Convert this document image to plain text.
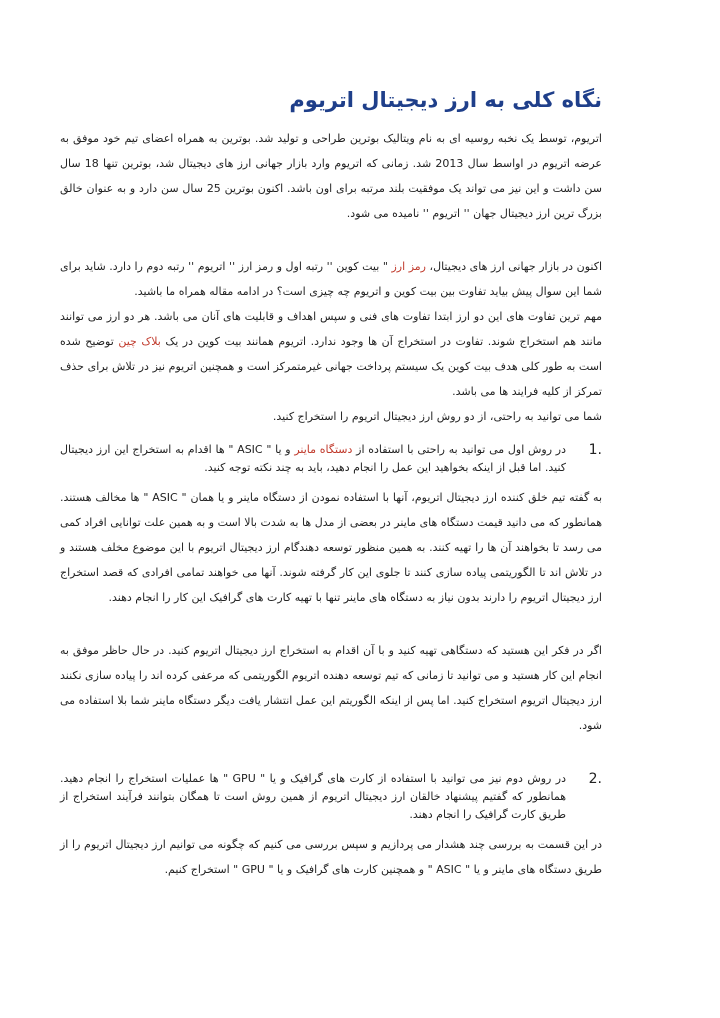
نگاه کلی به ارز دیجیتال اتریوم

اتریوم، توسط یک نخبه روسیه ای به نام ویتالیک بوترین طراحی و تولید شد. بوترین به همراه اعضای تیم خود موفق به عرضه اتریوم در اواسط سال 2013 شد. زمانی که اتریوم وارد بازار جهانی ارز های دیجیتال شد، بوترین تنها 18 سال سن داشت و این نیز می تواند یک موفقیت بلند مرتبه برای اون باشد. اکنون بوترین 25 سال سن دارد و به عنوان خالق بزرگ ترین ارز دیجیتال جهان '' اتریوم '' نامیده می شود.

اکنون در بازار جهانی ارز های دیجیتال، رمز ارز " بیت کوین '' رتبه اول و رمز ارز '' اتریوم '' رتبه دوم را دارد. شاید برای شما این سوال پیش بیاید تفاوت بین بیت کوین و اتریوم چه چیزی است؟ در ادامه مقاله همراه ما باشید.

مهم ترین تفاوت های این دو ارز ابتدا تفاوت های فنی و سپس اهداف و قابلیت های آنان می باشد. هر دو ارز می توانند مانند هم استخراج شوند. تفاوت در استخراج آن ها وجود ندارد. اتریوم همانند بیت کوین در یک بلاک چین توضیح شده است به طور کلی هدف بیت کوین یک سیستم پرداخت جهانی غیرمتمرکز است و همچنین اتریوم نیز در تلاش برای حذف تمرکز از کلیه فرایند ها می باشد.

شما می توانید به راحتی، از دو روش ارز دیجیتال اتریوم را استخراج کنید.

.1

در روش اول می توانید به راحتی با استفاده از دستگاه ماینر و یا " ASIC " ها اقدام به استخراج این ارز دیجیتال کنید. اما قبل از اینکه بخواهید این عمل را انجام دهید، باید به چند نکته توجه کنید.

به گفته تیم خلق کننده ارز دیجیتال اتریوم، آنها با استفاده نمودن از دستگاه ماینر و یا همان " ASIC " ها مخالف هستند. همانطور که می دانید قیمت دستگاه های ماینر در بعضی از مدل ها به شدت بالا است و به همین علت توانایی افراد کمی می رسد تا بخواهند آن ها را تهیه کنند. به همین منظور توسعه دهندگام ارز دیجیتال اتریوم با این موضوع مخلف هستند و در تلاش اند تا الگوریتمی پیاده سازی کنند تا جلوی این کار گرفته شوند. آنها می خواهند تمامی افرادی که قصد استخراج ارز دیجیتال اتریوم را دارند بدون نیاز به دستگاه های ماینر تنها با تهیه کارت های گرافیک این کار را انجام دهند.

اگر در فکر این هستید که دستگاهی تهیه کنید و با آن اقدام به استخراج ارز دیجیتال اتریوم کنید. در حال حاظر موفق به انجام این کار هستید و می توانید تا زمانی که تیم توسعه دهنده اتریوم الگوریتمی که مرعفی کرده اند را پیاده سازی نکنند ارز دیجیتال اتریوم استخراج کنید. اما پس از اینکه الگوریتم این عمل انتشار یافت دیگر دستگاه ماینر شما بلا استفاده می شود.

.2

در روش دوم نیز می توانید با استفاده از کارت های گرافیک و یا " GPU " ها عملیات استخراج را انجام دهید. همانطور که گفتیم پیشنهاد خالقان ارز دیجیتال اتریوم از همین روش است تا همگان بتوانند فرآیند استخراج از طریق کارت گرافیک را انجام دهند.

در این قسمت به بررسی چند هشدار می پردازیم و سپس بررسی می کنیم که چگونه می توانیم ارز دیجیتال اتریوم را از طریق دستگاه های ماینر و یا " ASIC " و همچنین کارت های گرافیک و یا " GPU " استخراج کنیم.
